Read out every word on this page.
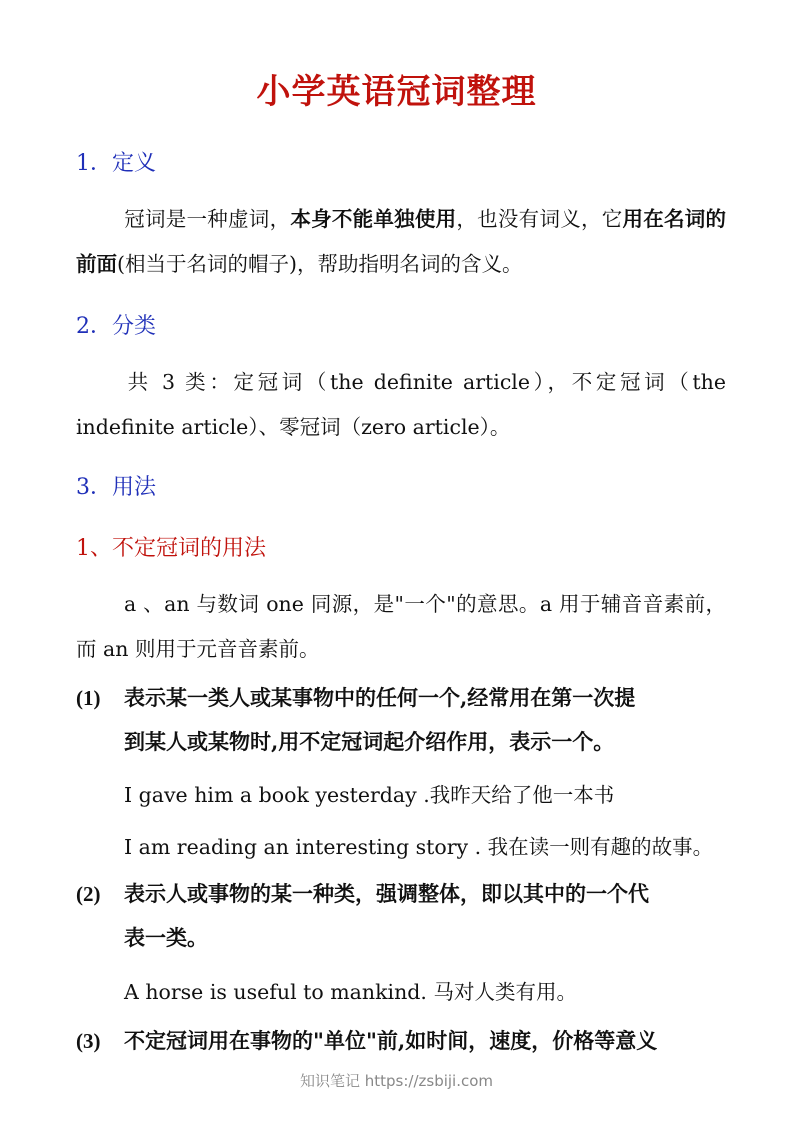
小学英语冠词整理
1．定义
冠词是一种虚词，本身不能单独使用，也没有词义，它用在名词的前面(相当于名词的帽子)，帮助指明名词的含义。
2．分类
共 3 类：定冠词（the definite article），不定冠词（the indefinite article）、零冠词（zero article）。
3．用法
1、不定冠词的用法
a 、an 与数词 one 同源，是"一个"的意思。a 用于辅音音素前，而 an 则用于元音音素前。
(1)	表示某一类人或某事物中的任何一个,经常用在第一次提
到某人或某物时,用不定冠词起介绍作用，表示一个。
I gave him a book yesterday .我昨天给了他一本书
I am reading an interesting story . 我在读一则有趣的故事。
(2)	表示人或事物的某一种类，强调整体，即以其中的一个代
表一类。
A horse is useful to mankind. 马对人类有用。
(3)	不定冠词用在事物的"单位"前,如时间，速度，价格等意义
知识笔记 https://zsbiji.com
